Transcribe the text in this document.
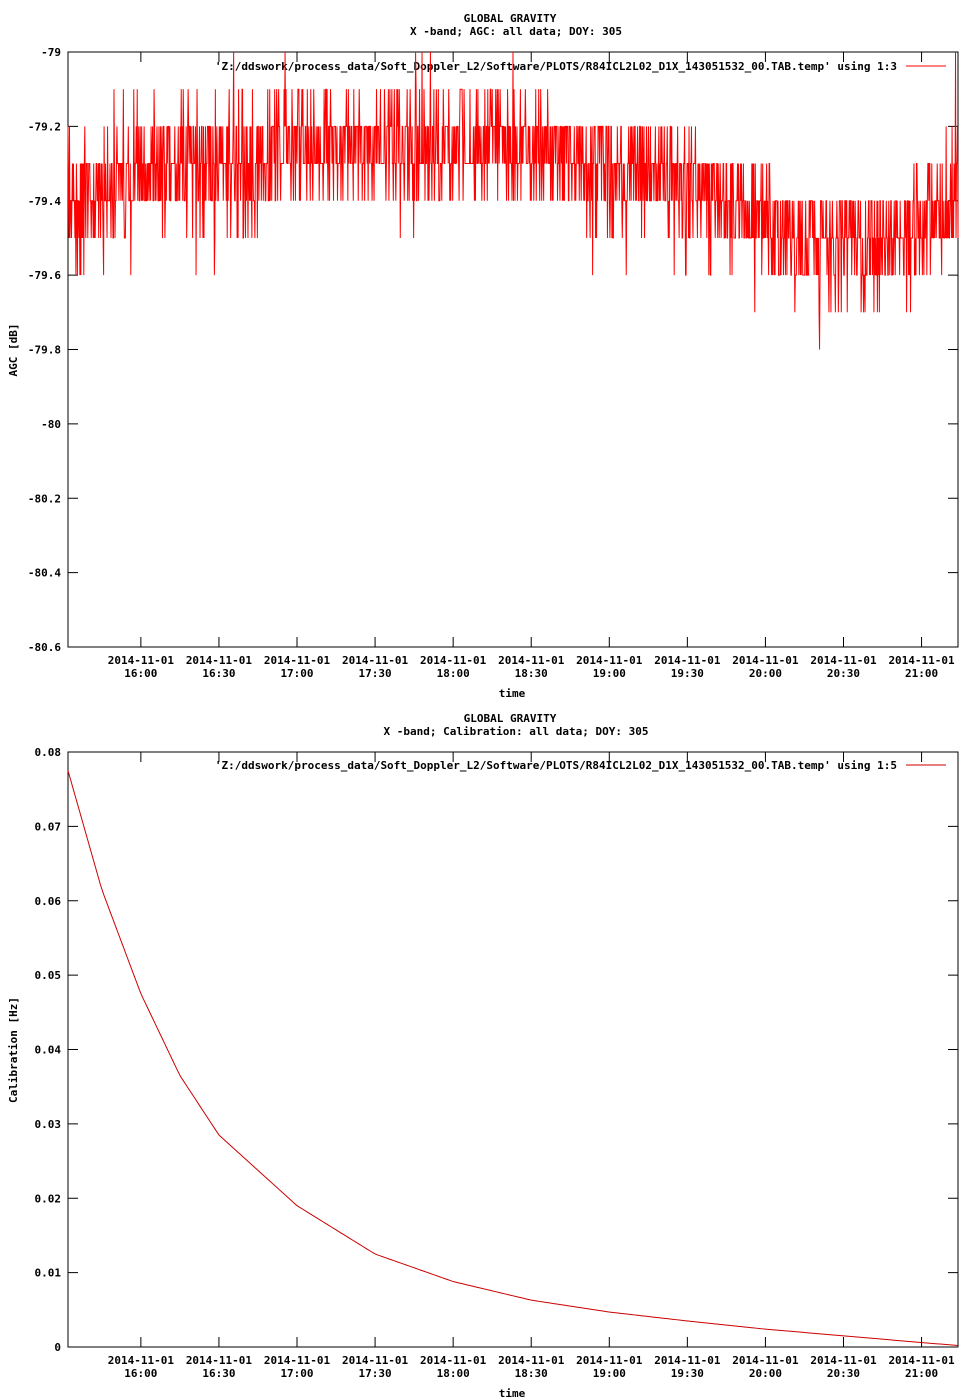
GLOBAL GRAVITY
X -band; AGC: all data; DOY: 305
AGC [dB]
time
'Z:/ddswork/process_data/Soft_Doppler_L2/Software/PLOTS/R84ICL2L02_D1X_143051532_00.TAB.temp' using 1:3
-79
-79.2
-79.4
-79.6
-79.8
-80
-80.2
-80.4
-80.6
2014-11-01
16:00
2014-11-01
16:30
2014-11-01
17:00
2014-11-01
17:30
2014-11-01
18:00
2014-11-01
18:30
2014-11-01
19:00
2014-11-01
19:30
2014-11-01
20:00
2014-11-01
20:30
2014-11-01
21:00
GLOBAL GRAVITY
X -band; Calibration: all data; DOY: 305
Calibration [Hz]
time
'Z:/ddswork/process_data/Soft_Doppler_L2/Software/PLOTS/R84ICL2L02_D1X_143051532_00.TAB.temp' using 1:5
0.08
0.07
0.06
0.05
0.04
0.03
0.02
0.01
0
2014-11-01
16:00
2014-11-01
16:30
2014-11-01
17:00
2014-11-01
17:30
2014-11-01
18:00
2014-11-01
18:30
2014-11-01
19:00
2014-11-01
19:30
2014-11-01
20:00
2014-11-01
20:30
2014-11-01
21:00
